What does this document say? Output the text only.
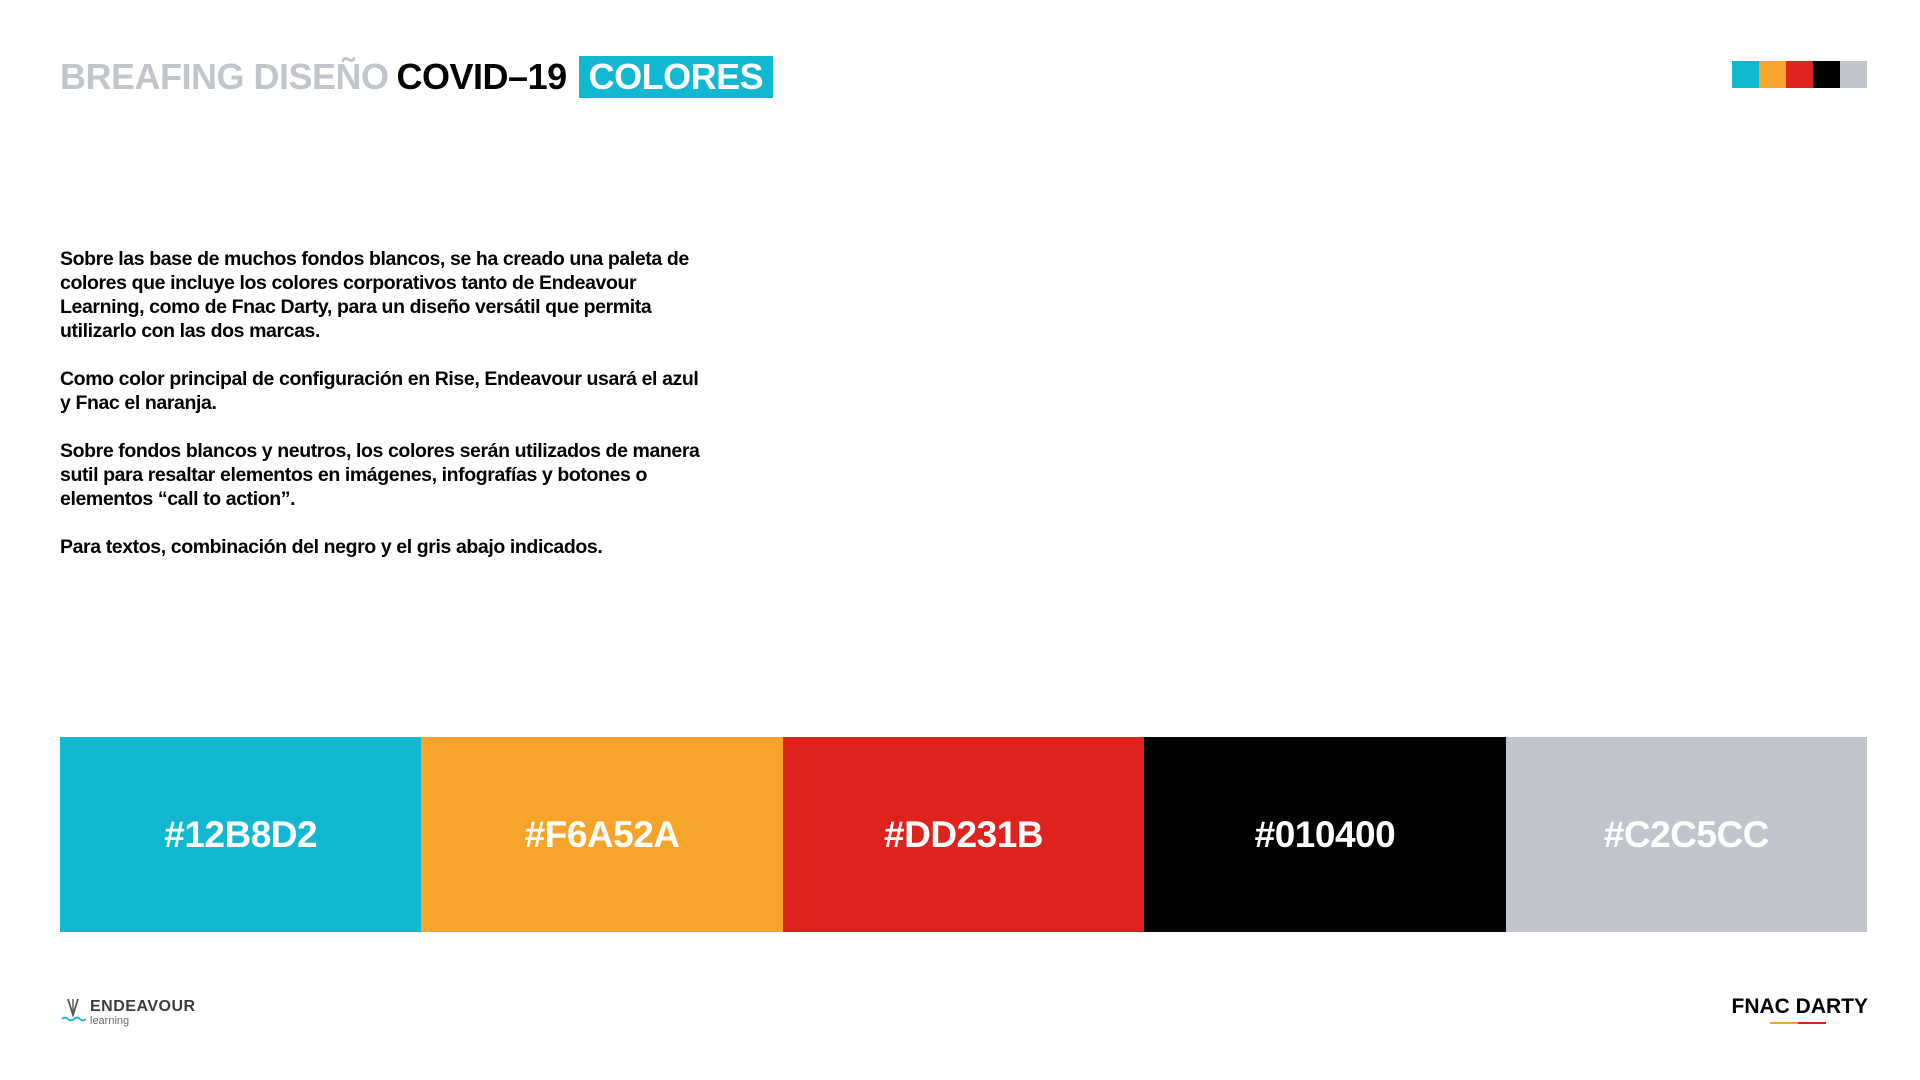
BREAFING DISEÑO COVID–19 COLORES

Sobre las base de muchos fondos blancos, se ha creado una paleta de colores que incluye los colores corporativos tanto de Endeavour Learning, como de Fnac Darty, para un diseño versátil que permita utilizarlo con las dos marcas.

Como color principal de configuración en Rise, Endeavour usará el azul y Fnac el naranja.

Sobre fondos blancos y neutros, los colores serán utilizados de manera sutil para resaltar elementos en imágenes, infografías y botones o elementos “call to action”.

Para textos, combinación del negro y el gris abajo indicados.

#12B8D2	#F6A52A	#DD231B	#010400	#C2C5CC
ENDEAVOUR
learning
FNAC DARTY
